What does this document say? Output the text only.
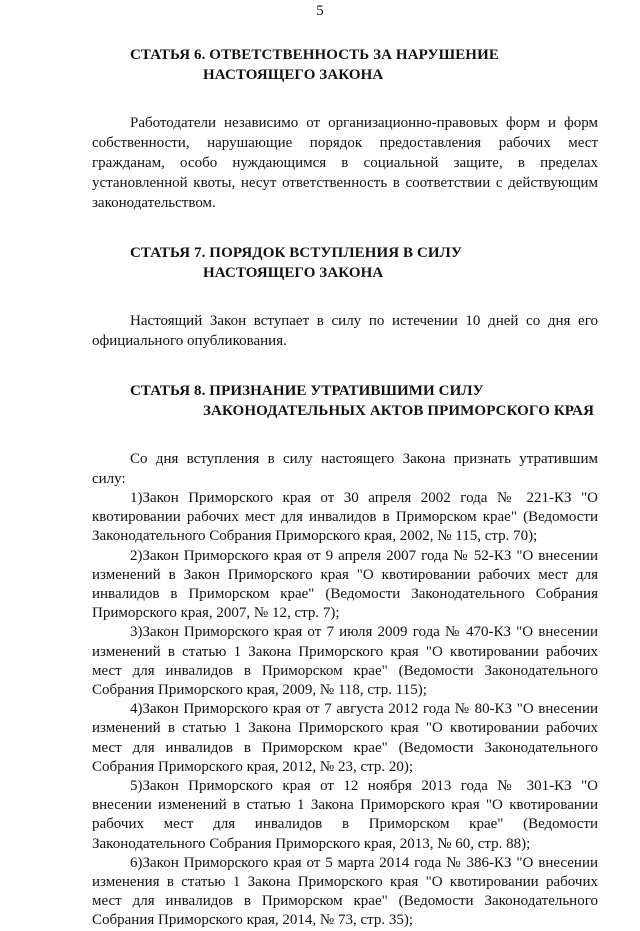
5
СТАТЬЯ 6. ОТВЕТСТВЕННОСТЬ ЗА НАРУШЕНИЕ
НАСТОЯЩЕГО ЗАКОНА

Работодатели независимо от организационно-правовых форм и форм собственности, нарушающие порядок предоставления рабочих мест гражданам, особо нуждающимся в социальной защите, в пределах установленной квоты, несут ответственность в соответствии с действующим законодательством.

СТАТЬЯ 7. ПОРЯДОК ВСТУПЛЕНИЯ В СИЛУ
НАСТОЯЩЕГО ЗАКОНА

Настоящий Закон вступает в силу по истечении 10 дней со дня его официального опубликования.

СТАТЬЯ 8. ПРИЗНАНИЕ УТРАТИВШИМИ СИЛУ
ЗАКОНОДАТЕЛЬНЫХ АКТОВ ПРИМОРСКОГО КРАЯ

Со дня вступления в силу настоящего Закона признать утратившим силу:

1)Закон Приморского края от 30 апреля 2002 года № 221-КЗ "О квотировании рабочих мест для инвалидов в Приморском крае" (Ведомости Законодательного Собрания Приморского края, 2002, № 115, стр. 70);

2)Закон Приморского края от 9 апреля 2007 года № 52-КЗ "О внесении изменений в Закон Приморского края "О квотировании рабочих мест для инвалидов в Приморском крае" (Ведомости Законодательного Собрания Приморского края, 2007, № 12, стр. 7);

3)Закон Приморского края от 7 июля 2009 года № 470-КЗ "О внесении изменений в статью 1 Закона Приморского края "О квотировании рабочих мест для инвалидов в Приморском крае" (Ведомости Законодательного Собрания Приморского края, 2009, № 118, стр. 115);

4)Закон Приморского края от 7 августа 2012 года № 80-КЗ "О внесении изменений в статью 1 Закона Приморского края "О квотировании рабочих мест для инвалидов в Приморском крае" (Ведомости Законодательного Собрания Приморского края, 2012, № 23, стр. 20);

5)Закон Приморского края от 12 ноября 2013 года № 301-КЗ "О внесении изменений в статью 1 Закона Приморского края "О квотировании рабочих мест для инвалидов в Приморском крае" (Ведомости Законодательного Собрания Приморского края, 2013, № 60, стр. 88);

6)Закон Приморского края от 5 марта 2014 года № 386-КЗ "О внесении изменения в статью 1 Закона Приморского края "О квотировании рабочих мест для инвалидов в Приморском крае" (Ведомости Законодательного Собрания Приморского края, 2014, № 73, стр. 35);
